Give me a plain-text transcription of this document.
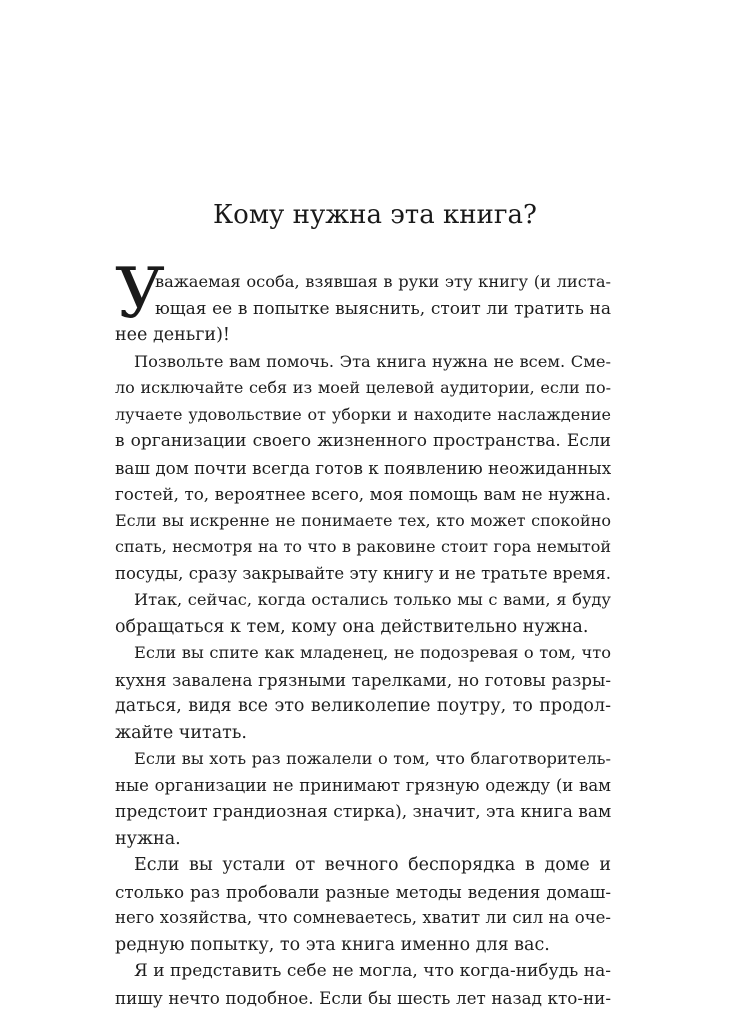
Кому нужна эта книга?
У
важаемая особа, взявшая в руки эту книгу (и листа-
ющая ее в попытке выяснить, стоит ли тратить на
нее деньги)!
Позвольте вам помочь. Эта книга нужна не всем. Сме-
ло исключайте себя из моей целевой аудитории, если по-
лучаете удовольствие от уборки и находите наслаждение
в организации своего жизненного пространства. Если
ваш дом почти всегда готов к появлению неожиданных
гостей, то, вероятнее всего, моя помощь вам не нужна.
Если вы искренне не понимаете тех, кто может спокойно
спать, несмотря на то что в раковине стоит гора немытой
посуды, сразу закрывайте эту книгу и не тратьте время.
Итак, сейчас, когда остались только мы с вами, я буду
обращаться к тем, кому она действительно нужна.
Если вы спите как младенец, не подозревая о том, что
кухня завалена грязными тарелками, но готовы разры-
даться, видя все это великолепие поутру, то продол-
жайте читать.
Если вы хоть раз пожалели о том, что благотворитель-
ные организации не принимают грязную одежду (и вам
предстоит грандиозная стирка), значит, эта книга вам
нужна.
Если вы устали от вечного беспорядка в доме и
столько раз пробовали разные методы ведения домаш-
него хозяйства, что сомневаетесь, хватит ли сил на оче-
редную попытку, то эта книга именно для вас.
Я и представить себе не могла, что когда-нибудь на-
пишу нечто подобное. Если бы шесть лет назад кто-ни-
